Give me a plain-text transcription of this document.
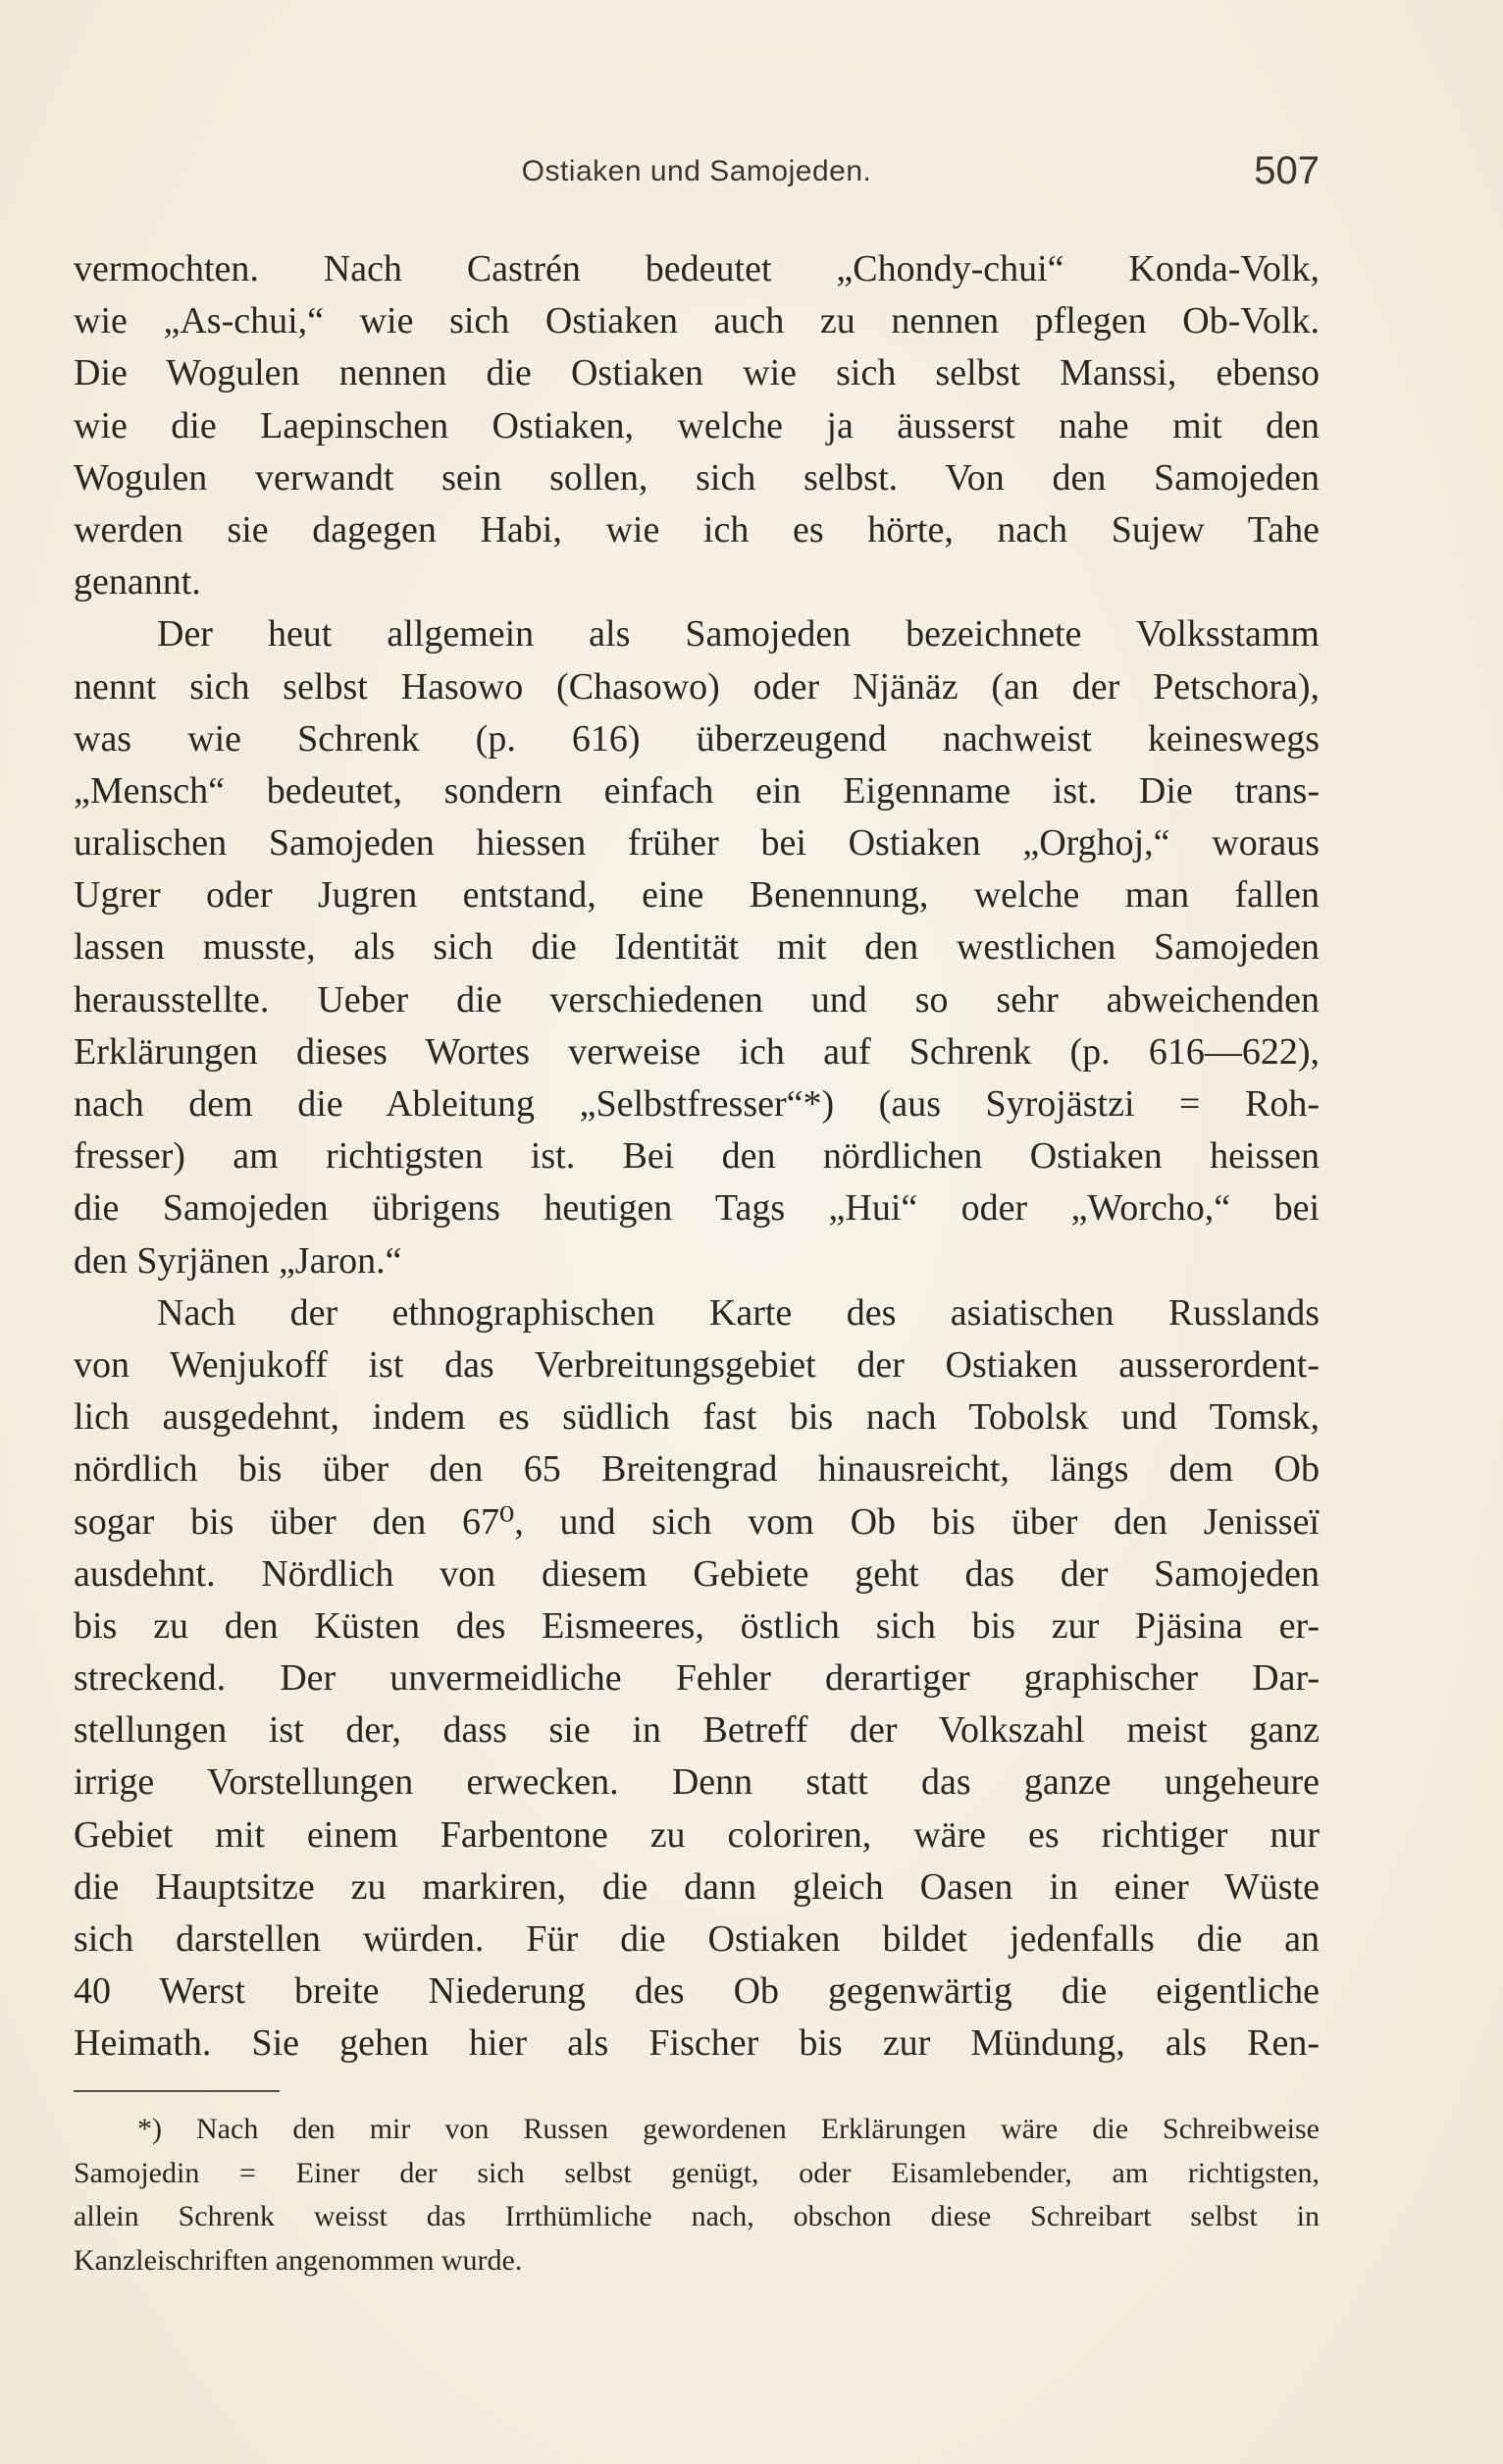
Ostiaken und Samojeden.	507
vermochten. Nach Castrén bedeutet „Chondy-chui“ Konda-Volk,
wie „As-chui,“ wie sich Ostiaken auch zu nennen pflegen Ob-Volk.
Die Wogulen nennen die Ostiaken wie sich selbst Manssi, ebenso
wie die Laepinschen Ostiaken, welche ja äusserst nahe mit den
Wogulen verwandt sein sollen, sich selbst. Von den Samojeden
werden sie dagegen Habi, wie ich es hörte, nach Sujew Tahe
genannt.
Der heut allgemein als Samojeden bezeichnete Volksstamm
nennt sich selbst Hasowo (Chasowo) oder Njänäz (an der Petschora),
was wie Schrenk (p. 616) überzeugend nachweist keineswegs
„Mensch“ bedeutet, sondern einfach ein Eigenname ist. Die trans-
uralischen Samojeden hiessen früher bei Ostiaken „Orghoj,“ woraus
Ugrer oder Jugren entstand, eine Benennung, welche man fallen
lassen musste, als sich die Identität mit den westlichen Samojeden
herausstellte. Ueber die verschiedenen und so sehr abweichenden
Erklärungen dieses Wortes verweise ich auf Schrenk (p. 616—622),
nach dem die Ableitung „Selbstfresser“*) (aus Syrojästzi = Roh-
fresser) am richtigsten ist. Bei den nördlichen Ostiaken heissen
die Samojeden übrigens heutigen Tags „Hui“ oder „Worcho,“ bei
den Syrjänen „Jaron.“
Nach der ethnographischen Karte des asiatischen Russlands
von Wenjukoff ist das Verbreitungsgebiet der Ostiaken ausserordent-
lich ausgedehnt, indem es südlich fast bis nach Tobolsk und Tomsk,
nördlich bis über den 65 Breitengrad hinausreicht, längs dem Ob
sogar bis über den 67⁰, und sich vom Ob bis über den Jenisseï
ausdehnt. Nördlich von diesem Gebiete geht das der Samojeden
bis zu den Küsten des Eismeeres, östlich sich bis zur Pjäsina er-
streckend. Der unvermeidliche Fehler derartiger graphischer Dar-
stellungen ist der, dass sie in Betreff der Volkszahl meist ganz
irrige Vorstellungen erwecken. Denn statt das ganze ungeheure
Gebiet mit einem Farbentone zu coloriren, wäre es richtiger nur
die Hauptsitze zu markiren, die dann gleich Oasen in einer Wüste
sich darstellen würden. Für die Ostiaken bildet jedenfalls die an
40 Werst breite Niederung des Ob gegenwärtig die eigentliche
Heimath. Sie gehen hier als Fischer bis zur Mündung, als Ren-
*) Nach den mir von Russen gewordenen Erklärungen wäre die Schreibweise
Samojedin = Einer der sich selbst genügt, oder Eisamlebender, am richtigsten,
allein Schrenk weisst das Irrthümliche nach, obschon diese Schreibart selbst in
Kanzleischriften angenommen wurde.
